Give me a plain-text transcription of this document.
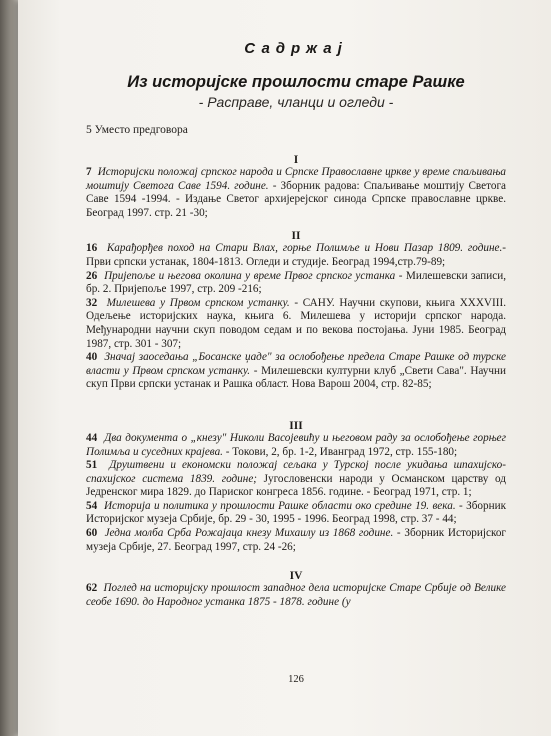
Садржај

Из историјске прошлости старе Рашке

- Расправе, чланци и огледи -

5 Уместо предговора

I

7 Историјски положај српског народа и Српске Православне цркве у време спаљивања моштију Светога Саве 1594. године. - Зборник радова: Спаљивање моштију Светога Саве 1594 -1994. - Издање Светог архијерејског синода Српске православне цркве. Београд 1997. стр. 21 -30;

II

16 Карађорђев поход на Стари Влах, горње Полимље и Нови Пазар 1809. године.- Први српски устанак, 1804-1813. Огледи и студије. Београд 1994,стр.79-89;

26 Пријепоље и његова околина у време Првог српског устанка - Милешевски записи, бр. 2. Пријепоље 1997, стр. 209 -216;

32 Милешева у Првом српском устанку. - САНУ. Научни скупови, књига XXXVIII. Одељење историјских наука, књига 6. Милешева у историји српског народа. Међународни научни скуп поводом седам и по векова постојања. Јуни 1985. Београд 1987, стр. 301 - 307;

40 Значај заоседања „Босанске џаде" за ослобођење предела Старе Рашке од турске власти у Првом српском устанку. - Милешевски културни клуб „Свети Сава". Научни скуп Први српски устанак и Рашка област. Нова Варош 2004, стр. 82-85;

III

44 Два документа о „кнезу" Николи Васојевићу и његовом раду за ослобођење горњег Полимља и суседних крајева. - Токови, 2, бр. 1-2, Иванград 1972, стр. 155-180;

51 Друштвени и економски положај сељака у Турској после укидања шпахијско-спахијског система 1839. године; Југословенски народи у Османском царству од Једренског мира 1829. до Париског конгреса 1856. године. - Београд 1971, стр. 1;

54 Историја и политика у прошлости Рашке области око средине 19. века. - Зборник Историјског музеја Србије, бр. 29 - 30, 1995 - 1996. Београд 1998, стр. 37 - 44;

60 Једна молба Срба Рожајаца кнезу Михаилу из 1868 године. - Зборник Историјског музеја Србије, 27. Београд 1997, стр. 24 -26;

IV

62 Поглед на историјску прошлост западног дела историјске Старе Србије од Велике сеобе 1690. до Народног устанка 1875 - 1878. године (у

126
